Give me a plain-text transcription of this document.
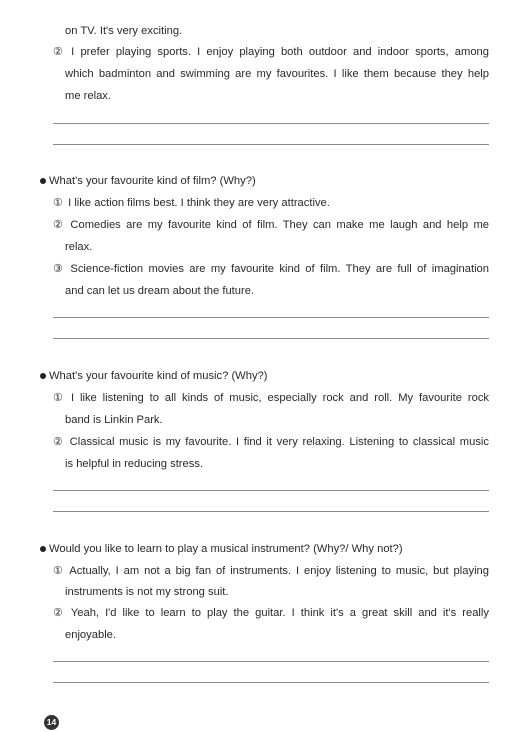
on TV. It's very exciting.
② I prefer playing sports. I enjoy playing both outdoor and indoor sports, among
which badminton and swimming are my favourites. I like them because they help
me relax.
What's your favourite kind of film? (Why?)
① I like action films best. I think they are very attractive.
② Comedies are my favourite kind of film. They can make me laugh and help me
relax.
③ Science-fiction movies are my favourite kind of film. They are full of imagination
and can let us dream about the future.
What's your favourite kind of music? (Why?)
① I like listening to all kinds of music, especially rock and roll. My favourite rock
band is Linkin Park.
② Classical music is my favourite. I find it very relaxing. Listening to classical music
is helpful in reducing stress.
Would you like to learn to play a musical instrument? (Why?/ Why not?)
① Actually, I am not a big fan of instruments. I enjoy listening to music, but playing
instruments is not my strong suit.
② Yeah, I'd like to learn to play the guitar. I think it's a great skill and it's really
enjoyable.
14
